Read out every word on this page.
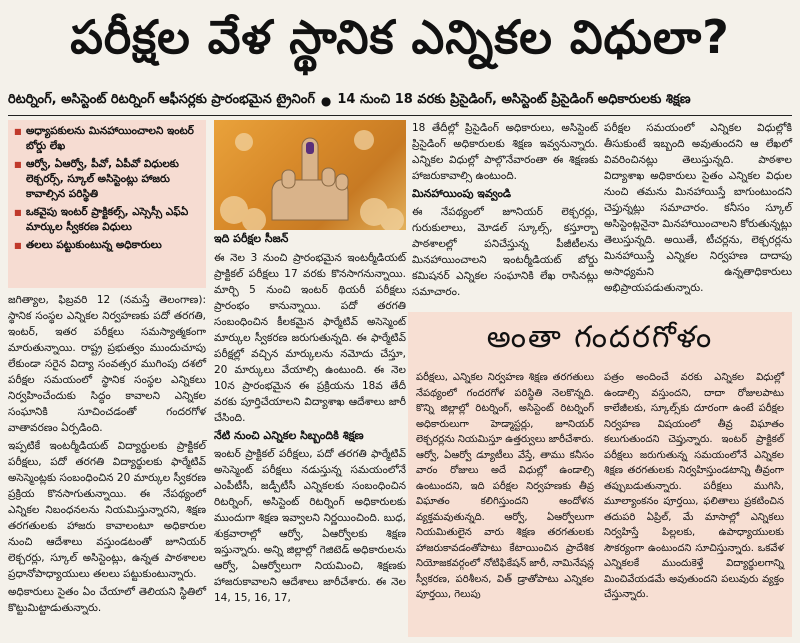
పరీక్షల వేళ స్థానిక ఎన్నికల విధులా?
రిటర్నింగ్, అసిస్టెంట్ రిటర్నింగ్ ఆఫీసర్లకు ప్రారంభమైన ట్రైనింగ్ ● 14 నుంచి 18 వరకు ప్రిసైడింగ్, అసిస్టెంట్ ప్రిసైడింగ్ అధికారులకు శిక్షణ
■ అధ్యాపకులను మినహాయించాలని ఇంటర్ బోర్డు లేఖ
■ ఆర్వో, ఏఆర్వో, పీవో, ఏపీవో విధులకు లెక్చరర్స్, స్కూల్ అసిస్టెంట్లు హాజరు కావాల్సిన పరిస్థితి
■ ఒకవైపు ఇంటర్ ప్రాక్టికల్స్, ఎస్సెస్సీ ఎఫ్ఏ మార్కుల స్వీకరణ విధులు
■ తలలు పట్టుకుంటున్న అధికారులు	ఇది పరీక్షల సీజన్

జగిత్యాల, ఫిబ్రవరి 12 (నమస్తే తెలంగాణ): స్థానిక సంస్థల ఎన్నికల నిర్వహణకు పదో తరగతి, ఇంటర్, ఇతర పరీక్షలు సమస్యాత్మకంగా మారుతున్నాయి. రాష్ట్ర ప్రభుత్వం ముందుచూపు లేకుండా సరైన విద్యా సంవత్సర ముగింపు దశలో పరీక్షల సమయంలో స్థానిక సంస్థల ఎన్నికలు నిర్వహించేందుకు సిద్ధం కావాలని ఎన్నికల సంఘానికి సూచించడంతో గందరగోళ వాతావరణం ఏర్పడింది.

ఇప్పటికే ఇంటర్మీడియట్ విద్యార్థులకు ప్రాక్టికల్ పరీక్షలు, పదో తరగతి విద్యార్థులకు ఫార్మేటివ్ అసెస్మెంట్లకు సంబంధించిన 20 మార్కుల స్వీకరణ ప్రక్రియ కొనసాగుతున్నాయి. ఈ నేపథ్యంలో ఎన్నికల నిబంధనలను నియమిస్తున్నారని, శిక్షణ తరగతులకు హాజరు కావాలంటూ అధికారుల నుంచి ఆదేశాలు వస్తుండటంతో జూనియర్ లెక్చరర్లు, స్కూల్ అసిస్టెంట్లు, ఉన్నత పాఠశాలల ప్రధానోపాధ్యాయులు తలలు పట్టుకుంటున్నారు.

అధికారులు సైతం ఏం చేయాలో తెలియని స్థితిలో కొట్టుమిట్టాడుతున్నారు.

ఈ నెల 3 నుంచి ప్రారంభమైన ఇంటర్మీడియట్ ప్రాక్టికల్ పరీక్షలు 17 వరకు కొనసాగనున్నాయి. మార్చి 5 నుంచి ఇంటర్ థియరీ పరీక్షలు ప్రారంభం కానున్నాయి. పదో తరగతి సంబంధించిన కీలకమైన ఫార్మేటివ్ అసెస్మెంట్ మార్కుల స్వీకరణ జరుగుతున్నది. ఈ ఫార్మేటివ్ పరీక్షల్లో వచ్చిన మార్కులను నమోదు చేస్తూ, 20 మార్కులు వేయాల్సి ఉంటుంది. ఈ నెల 10న ప్రారంభమైన ఈ ప్రక్రియను 18వ తేదీ వరకు పూర్తిచేయాలని విద్యాశాఖ ఆదేశాలు జారీ చేసింది.

నేటి నుంచి ఎన్నికల సిబ్బందికి శిక్షణ

ఇంటర్ ప్రాక్టికల్ పరీక్షలు, పదో తరగతి ఫార్మేటివ్ అసెస్మెంట్ పరీక్షలు నడుస్తున్న సమయంలోనే ఎంపీటీసీ, జడ్పీటీసీ ఎన్నికలకు సంబంధించిన రిటర్నింగ్, అసిస్టెంట్ రిటర్నింగ్ అధికారులకు ముందుగా శిక్షణ ఇవ్వాలని నిర్ణయించింది. బుధ, శుక్రవారాల్లో ఆర్వో, ఏఆర్వోలకు శిక్షణ ఇస్తున్నారు. అన్ని జిల్లాల్లో గెజిటెడ్ అధికారులను ఆర్వో, ఏఆర్వోలుగా నియమించి, శిక్షణకు హాజరుకావాలని ఆదేశాలు జారీచేశారు. ఈ నెల 14, 15, 16, 17,

18 తేదీల్లో ప్రిసైడింగ్ అధికారులు, అసిస్టెంట్ ప్రిసైడింగ్ అధికారులకు శిక్షణ ఇవ్వనున్నారు. ఎన్నికల విధుల్లో పాల్గొనేవారంతా ఈ శిక్షణకు హాజరుకావాల్సి ఉంటుంది.

మినహాయింపు ఇవ్వండి

ఈ నేపథ్యంలో జూనియర్ లెక్చరర్లు, గురుకులాలు, మోడల్ స్కూల్స్, కస్తూర్బా పాఠశాలల్లో పనిచేస్తున్న పీజీటీలను మినహాయించాలని ఇంటర్మీడియట్ బోర్డు కమిషనర్ ఎన్నికల సంఘానికి లేఖ రాసినట్లు సమాచారం.

పరీక్షల సమయంలో ఎన్నికల విధుల్లోకి తీసుకుంటే ఇబ్బంది అవుతుందని ఆ లేఖలో వివరించినట్లు తెలుస్తున్నది. పాఠశాల విద్యాశాఖ అధికారులు సైతం ఎన్నికల విధుల నుంచి తమను మినహాయిస్తే బాగుంటుందని చెప్తున్నట్లు సమాచారం. కనీసం స్కూల్ అసిస్టెంట్లనైనా మినహాయించాలని కోరుతున్నట్లు తెలుస్తున్నది. అయితే, టీచర్లను, లెక్చరర్లను మినహాయిస్తే ఎన్నికల నిర్వహణ దాదాపు అసాధ్యమని ఉన్నతాధికారులు అభిప్రాయపడుతున్నారు.

అంతా గందరగోళం
పరీక్షలు, ఎన్నికల నిర్వహణ శిక్షణ తరగతులు నేపథ్యంలో గందరగోళ పరిస్థితి నెలకొన్నది. కొన్ని జిల్లాల్లో రిటర్నింగ్, అసిస్టెంట్ రిటర్నింగ్ అధికారులుగా హెడ్మాస్టర్లు, జూనియర్ లెక్చరర్లను నియమిస్తూ ఉత్తర్వులు జారీచేశారు. ఆర్వో, ఏఆర్వో డ్యూటీలు వేస్తే, తాము కనీసం వారం రోజులు అదే విధుల్లో ఉండాల్సి ఉంటుందని, ఇది పరీక్షల నిర్వహణకు తీవ్ర విఘాతం కలిగిస్తుందని ఆందోళన వ్యక్తమవుతున్నది. ఆర్వో, ఏఆర్వోలుగా నియమితులైన వారు శిక్షణ తరగతులకు హాజరుకావడంతోపాటు కేటాయించిన ప్రాదేశిక నియోజకవర్గంలో నోటిఫికేషన్ జారీ, నామినేషన్ల స్వీకరణ, పరిశీలన, విత్ డ్రాతోపాటు ఎన్నికల పూర్తయి, గెలుపు
పత్రం అందించే వరకు ఎన్నికల విధుల్లో ఉండాల్సి వస్తుందని, దాదా రోజులపాటు కాలేజీలకు, స్కూల్స్‌కు దూరంగా ఉంటే పరీక్షల నిర్వహణ విషయంలో తీవ్ర విఘాతం కలుగుతుందని చెప్తున్నారు. ఇంటర్ ప్రాక్టికల్ పరీక్షలు జరుగుతున్న సమయంలోనే ఎన్నికల శిక్షణ తరగతులకు నిర్వహిస్తుండటాన్ని తీవ్రంగా తప్పుబడుతున్నారు. పరీక్షలు ముగిసి, మూల్యాంకనం పూర్తయి, ఫలితాలు ప్రకటించిన తదుపరి ఏప్రిల్, మే మాసాల్లో ఎన్నికలు నిర్వహిస్తే పిల్లలకు, ఉపాధ్యాయులకు సౌకర్యంగా ఉంటుందని సూచిస్తున్నారు. ఒకవేళ ఎన్నికలకే ముందుకెళ్తే విద్యార్థులగాన్ని మించివేయడమే అవుతుందని పలువురు వ్యక్తం చేస్తున్నారు.
